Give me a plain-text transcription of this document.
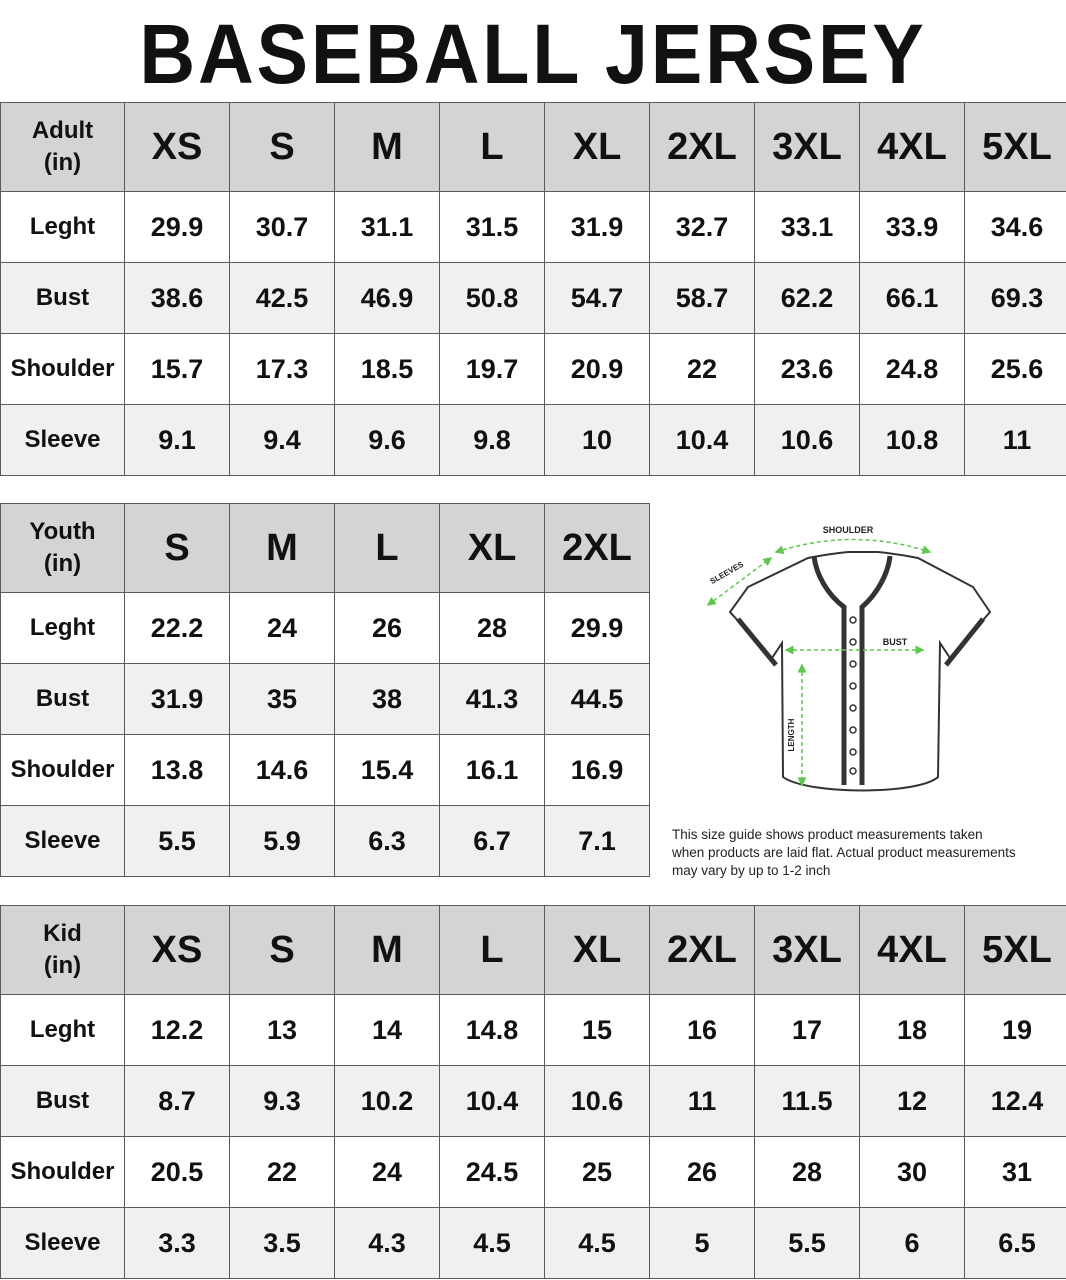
BASEBALL JERSEY
Adult
(in)	XS	S	M	L	XL	2XL	3XL	4XL	5XL
Leght	29.9	30.7	31.1	31.5	31.9	32.7	33.1	33.9	34.6
Bust	38.6	42.5	46.9	50.8	54.7	58.7	62.2	66.1	69.3
Shoulder	15.7	17.3	18.5	19.7	20.9	22	23.6	24.8	25.6
Sleeve	9.1	9.4	9.6	9.8	10	10.4	10.6	10.8	11
Youth
(in)	S	M	L	XL	2XL
Leght	22.2	24	26	28	29.9
Bust	31.9	35	38	41.3	44.5
Shoulder	13.8	14.6	15.4	16.1	16.9
Sleeve	5.5	5.9	6.3	6.7	7.1
Kid
(in)	XS	S	M	L	XL	2XL	3XL	4XL	5XL
Leght	12.2	13	14	14.8	15	16	17	18	19
Bust	8.7	9.3	10.2	10.4	10.6	11	11.5	12	12.4
Shoulder	20.5	22	24	24.5	25	26	28	30	31
Sleeve	3.3	3.5	4.3	4.5	4.5	5	5.5	6	6.5
SHOULDER
SLEEVES
BUST
LENGTH
This size guide shows product measurements taken
when products are laid flat. Actual product measurements
may vary by up to 1-2 inch
